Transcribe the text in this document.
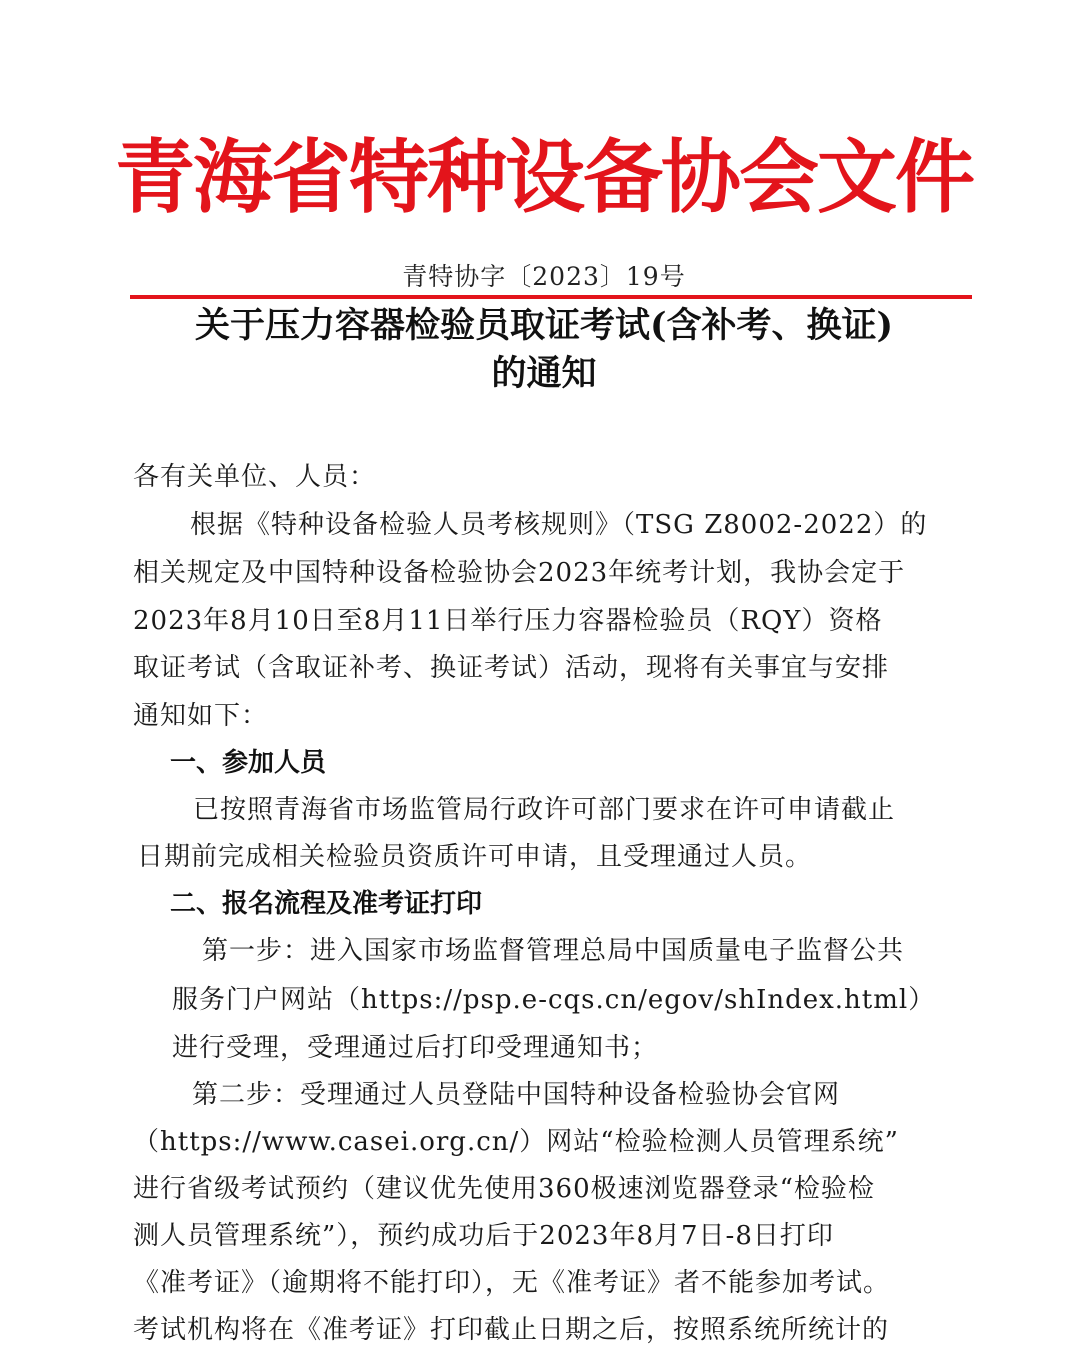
青海省特种设备协会文件
青特协字〔2023〕19号
关于压力容器检验员取证考试(含补考、换证)
的通知
各有关单位、人员：
根据《特种设备检验人员考核规则》（TSG Z8002-2022）的
相关规定及中国特种设备检验协会2023年统考计划，我协会定于
2023年8月10日至8月11日举行压力容器检验员（RQY）资格
取证考试（含取证补考、换证考试）活动，现将有关事宜与安排
通知如下：
一、参加人员
已按照青海省市场监管局行政许可部门要求在许可申请截止
日期前完成相关检验员资质许可申请，且受理通过人员。
二、报名流程及准考证打印
第一步：进入国家市场监督管理总局中国质量电子监督公共
服务门户网站（https://psp.e-cqs.cn/egov/shIndex.html）
进行受理，受理通过后打印受理通知书；
第二步：受理通过人员登陆中国特种设备检验协会官网
（https://www.casei.org.cn/）网站“检验检测人员管理系统”
进行省级考试预约（建议优先使用360极速浏览器登录“检验检
测人员管理系统”），预约成功后于2023年8月7日-8日打印
《准考证》（逾期将不能打印），无《准考证》者不能参加考试。
考试机构将在《准考证》打印截止日期之后，按照系统所统计的
